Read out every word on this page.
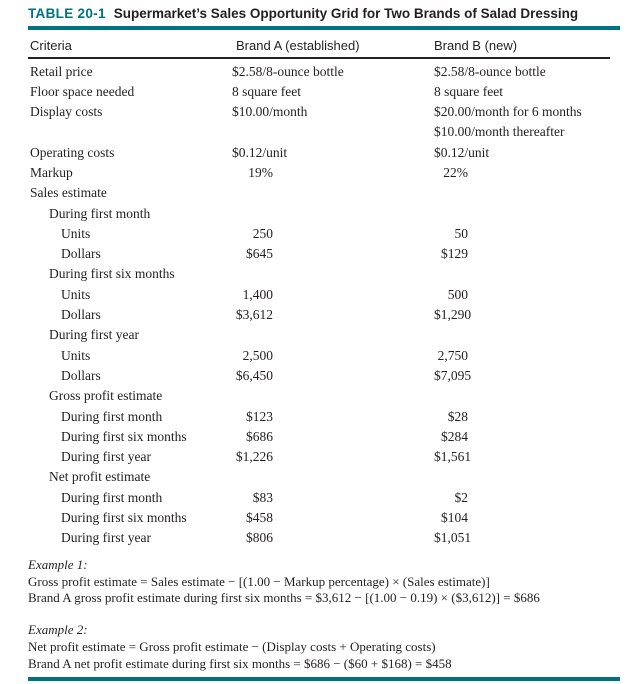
TABLE 20-1 Supermarket’s Sales Opportunity Grid for Two Brands of Salad Dressing
Criteria	Brand A (established)	Brand B (new)
Retail price	$2.58/8-ounce bottle	$2.58/8-ounce bottle
Floor space needed	8 square feet	8 square feet
Display costs	$10.00/month	$20.00/month for 6 months
$10.00/month thereafter
Operating costs	$0.12/unit	$0.12/unit
Markup	19%	22%
Sales estimate
During first month
Units	250	50
Dollars	$645	$129
During first six months
Units	1,400	500
Dollars	$3,612	$1,290
During first year
Units	2,500	2,750
Dollars	$6,450	$7,095
Gross profit estimate
During first month	$123	$28
During first six months	$686	$284
During first year	$1,226	$1,561
Net profit estimate
During first month	$83	$2
During first six months	$458	$104
During first year	$806	$1,051
Example 1:
Gross profit estimate = Sales estimate − [(1.00 − Markup percentage) × (Sales estimate)]
Brand A gross profit estimate during first six months = $3,612 − [(1.00 − 0.19) × ($3,612)] = $686
Example 2:
Net profit estimate = Gross profit estimate − (Display costs + Operating costs)
Brand A net profit estimate during first six months = $686 − ($60 + $168) = $458
